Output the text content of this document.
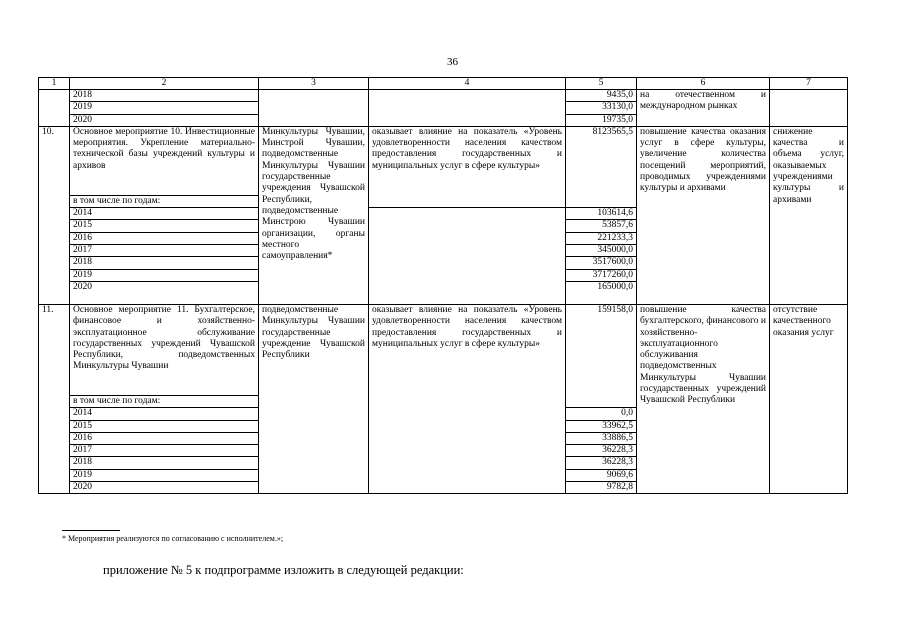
36
1	2	3	4	5	6	7
	2018			9435,0	на отечественном и международном рынках	
	2019			33130,0		
	2020			19735,0		
10.	Основное мероприятие 10. Инвестиционные мероприятия. Укрепление материально-технической базы учреждений культуры и архивов	Минкультуры Чувашии, Минстрой Чувашии, подведомственные Минкультуры Чувашии государственные учреждения Чувашской Республики, подведомственные Минстрою Чувашии организации, органы местного самоуправления*	оказывает влияние на показатель «Уровень удовлетворенности населения качеством предоставления государственных и муниципальных услуг в сфере культуры»	8123565,5	повышение качества оказания услуг в сфере культуры, увеличение количества посещений мероприятий, проводимых учреждениями культуры и архивами	снижение качества и объема услуг, оказываемых учреждениями культуры и архивами
	в том числе по годам:					
	2014			103614,6		
	2015			53857,6		
	2016			221233,3		
	2017			345000,0		
	2018			3517600,0		
	2019			3717260,0		
	2020			165000,0		
11.	Основное мероприятие 11. Бухгалтерское, финансовое и хозяйственно-эксплуатационное обслуживание государственных учреждений Чувашской Республики, подведомственных Минкультуры Чувашии	подведомственные Минкультуры Чувашии государственные учреждение Чувашской Республики	оказывает влияние на показатель «Уровень удовлетворенности населения качеством предоставления государственных и муниципальных услуг в сфере культуры»	159158,0	повышение качества бухгалтерского, финансового и хозяйственно-эксплуатационного обслуживания подведомственных Минкультуры Чувашии государственных учреждений Чувашской Республики	отсутствие качественного оказания услуг
	в том числе по годам:					
	2014			0,0		
	2015			33962,5		
	2016			33886,5		
	2017			36228,3		
	2018			36228,3		
	2019			9069,6		
	2020			9782,8		
* Мероприятия реализуются по согласованию с исполнителем.»;
приложение № 5 к подпрограмме изложить в следующей редакции:
